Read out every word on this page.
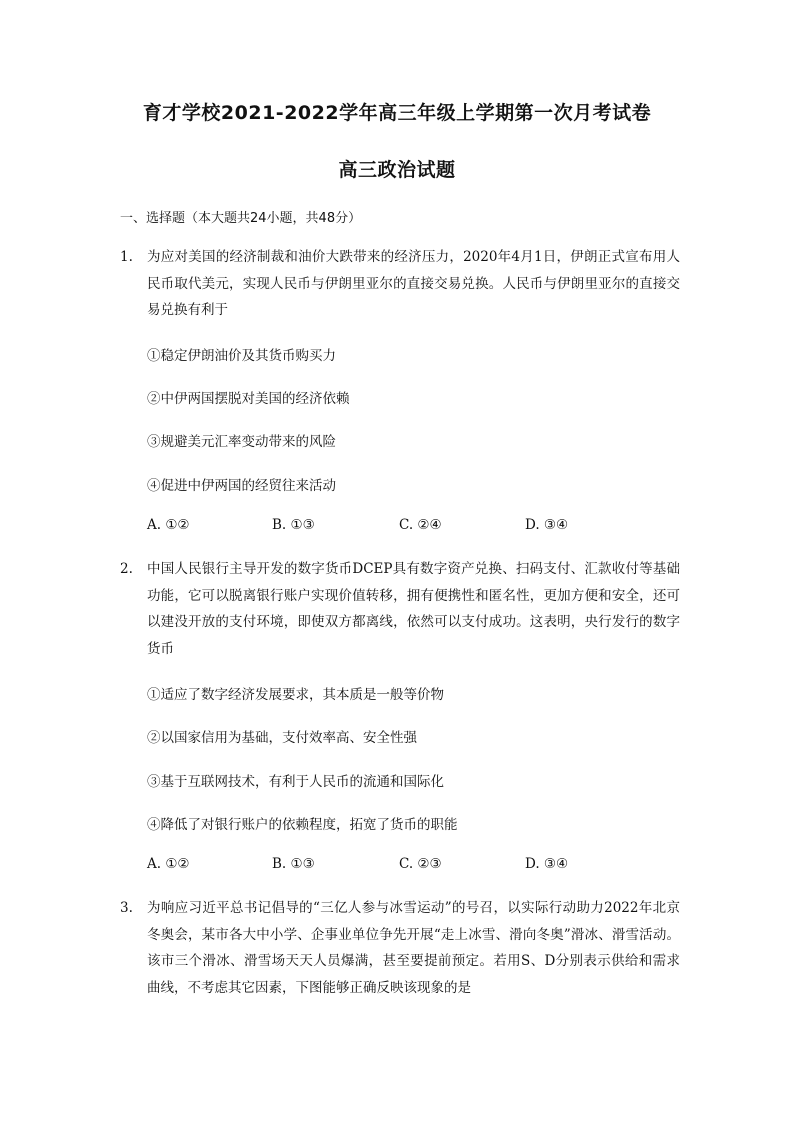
育才学校2021-2022学年高三年级上学期第一次月考试卷
高三政治试题
一、选择题（本大题共24小题，共48分）
1.	为应对美国的经济制裁和油价大跌带来的经济压力，2020年4月1日，伊朗正式宣布用人民币取代美元，实现人民币与伊朗里亚尔的直接交易兑换。人民币与伊朗里亚尔的直接交易兑换有利于
①稳定伊朗油价及其货币购买力
②中伊两国摆脱对美国的经济依赖
③规避美元汇率变动带来的风险
④促进中伊两国的经贸往来活动
A. ①②	B. ①③	C. ②④	D. ③④
2.	中国人民银行主导开发的数字货币DCEP具有数字资产兑换、扫码支付、汇款收付等基础功能，它可以脱离银行账户实现价值转移，拥有便携性和匿名性，更加方便和安全，还可以建没开放的支付环境，即使双方都离线，依然可以支付成功。这表明，央行发行的数字货币
①适应了数字经济发展要求，其本质是一般等价物
②以国家信用为基础，支付效率高、安全性强
③基于互联网技术，有利于人民币的流通和国际化
④降低了对银行账户的依赖程度，拓宽了货币的职能
A. ①②	B. ①③	C. ②③	D. ③④
3.	为响应习近平总书记倡导的“三亿人参与冰雪运动”的号召，以实际行动助力2022年北京冬奥会，某市各大中小学、企事业单位争先开展“走上冰雪、滑向冬奥”滑冰、滑雪活动。该市三个滑冰、滑雪场天天人员爆满，甚至要提前预定。若用S、D分别表示供给和需求曲线，不考虑其它因素，下图能够正确反映该现象的是
